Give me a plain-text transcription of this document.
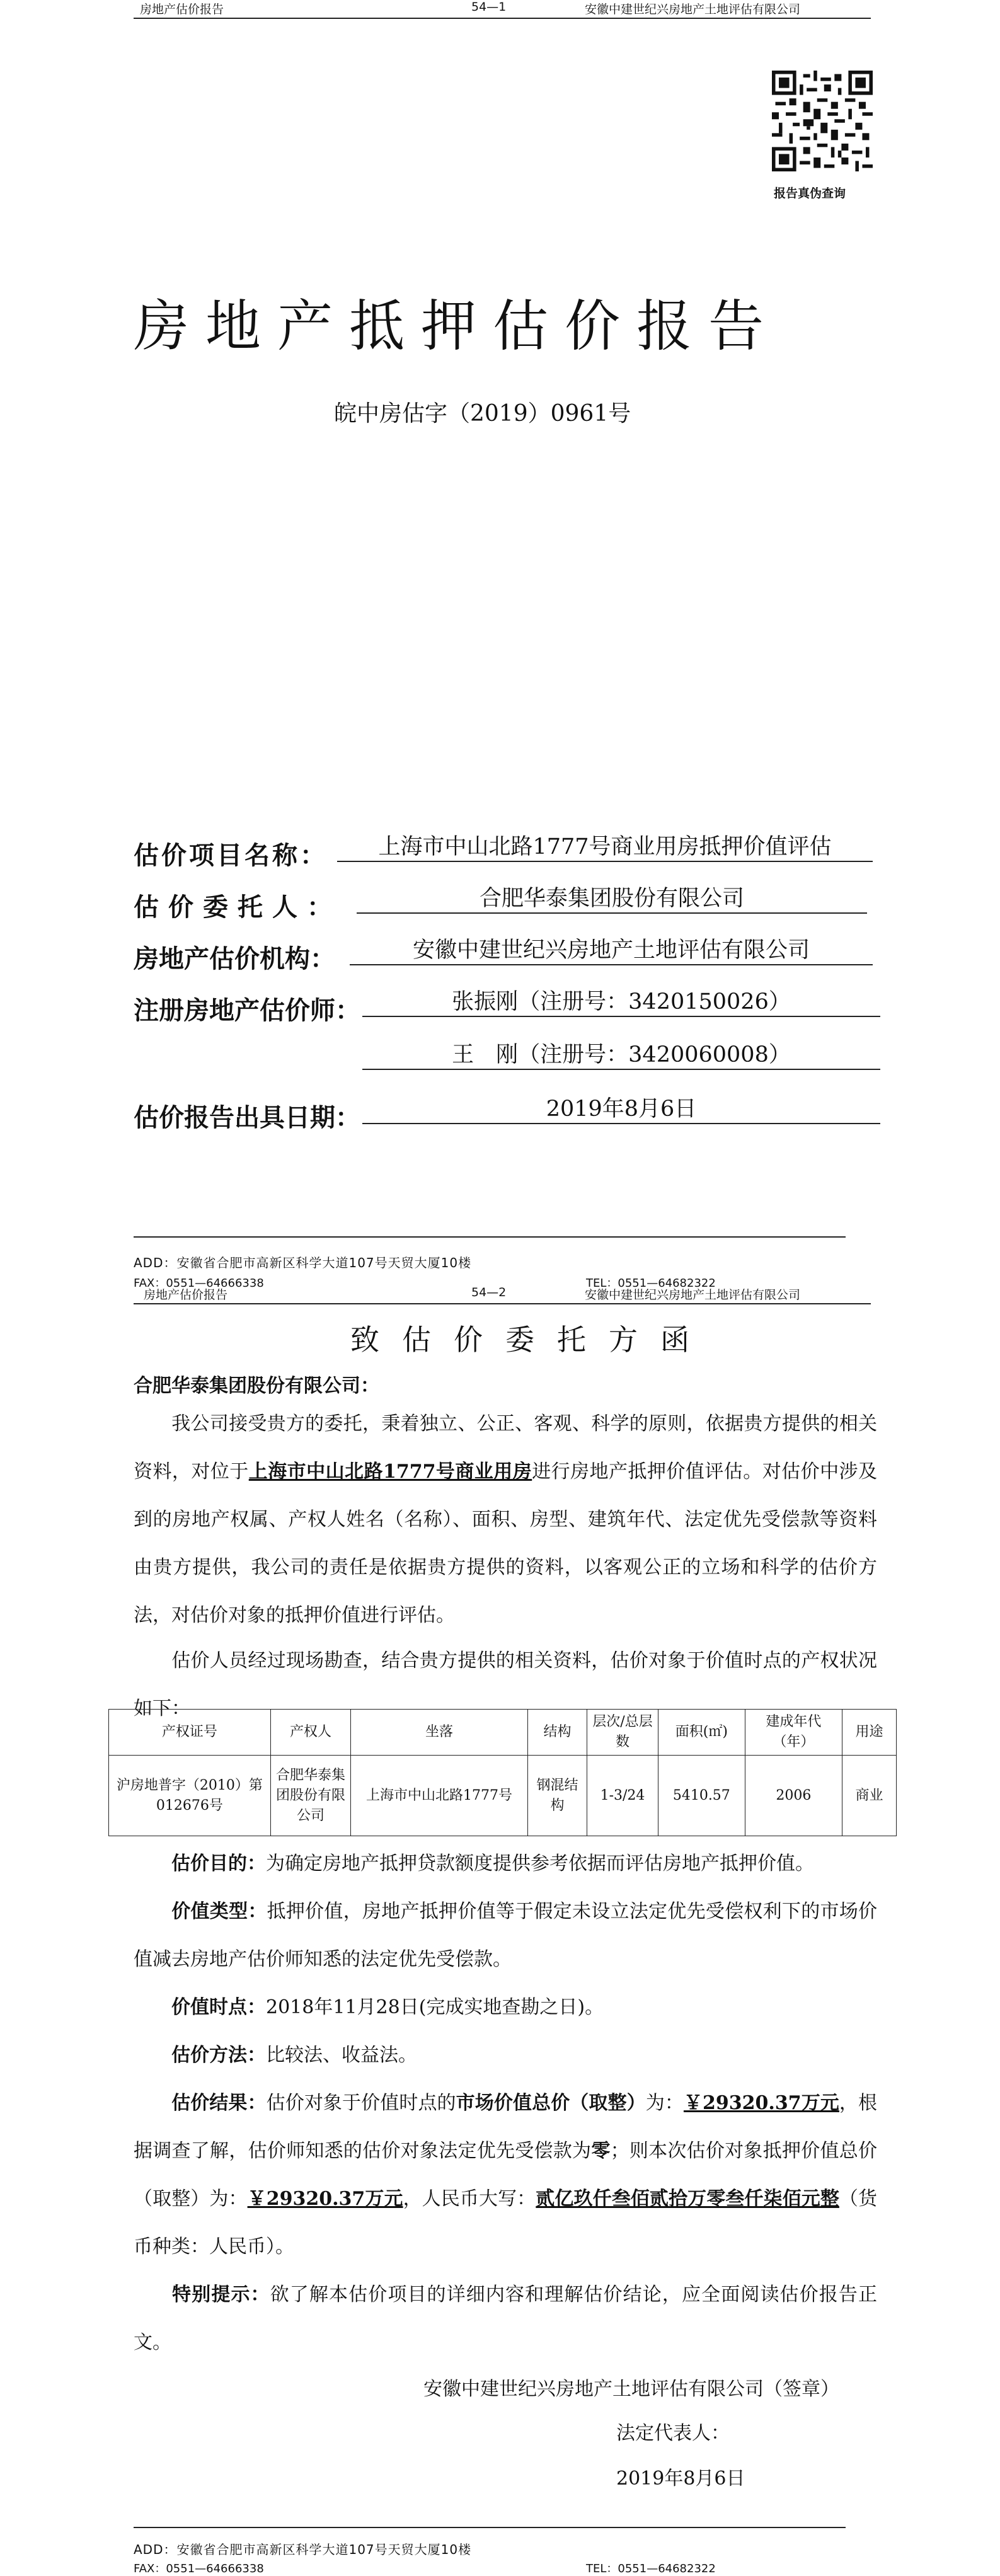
房地产估价报告	54—1	安徽中建世纪兴房地产土地评估有限公司
报告真伪查询
房地产抵押估价报告
皖中房估字（2019）0961号
估价项目名称：	上海市中山北路1777号商业用房抵押价值评估
估价委托人：	合肥华泰集团股份有限公司
房地产估价机构：	安徽中建世纪兴房地产土地评估有限公司
注册房地产估价师：	张振刚（注册号：3420150026）
王　刚（注册号：3420060008）
估价报告出具日期：	2019年8月6日
ADD：安徽省合肥市高新区科学大道107号天贸大厦10楼
FAX：0551—64666338	TEL：0551—64682322
房地产估价报告	54—2	安徽中建世纪兴房地产土地评估有限公司
致估价委托方函
合肥华泰集团股份有限公司：
我公司接受贵方的委托，秉着独立、公正、客观、科学的原则，依据贵方提供的相关资料，对位于上海市中山北路1777号商业用房进行房地产抵押价值评估。对估价中涉及到的房地产权属、产权人姓名（名称）、面积、房型、建筑年代、法定优先受偿款等资料由贵方提供，我公司的责任是依据贵方提供的资料，以客观公正的立场和科学的估价方法，对估价对象的抵押价值进行评估。
估价人员经过现场勘查，结合贵方提供的相关资料，估价对象于价值时点的产权状况如下：
产权证号	产权人	坐落	结构	层次/总层数	面积(㎡)	建成年代（年）	用途
沪房地普字（2010）第012676号	合肥华泰集团股份有限公司	上海市中山北路1777号	钢混结构	1-3/24	5410.57	2006	商业
估价目的：为确定房地产抵押贷款额度提供参考依据而评估房地产抵押价值。
价值类型：抵押价值，房地产抵押价值等于假定未设立法定优先受偿权利下的市场价值减去房地产估价师知悉的法定优先受偿款。
价值时点：2018年11月28日(完成实地查勘之日)。
估价方法：比较法、收益法。
估价结果：估价对象于价值时点的市场价值总价（取整）为：￥29320.37万元，根据调查了解，估价师知悉的估价对象法定优先受偿款为零；则本次估价对象抵押价值总价（取整）为：￥29320.37万元，人民币大写：贰亿玖仟叁佰贰拾万零叁仟柒佰元整（货币种类：人民币）。
特别提示：欲了解本估价项目的详细内容和理解估价结论，应全面阅读估价报告正文。
安徽中建世纪兴房地产土地评估有限公司（签章）
法定代表人：
2019年8月6日
ADD：安徽省合肥市高新区科学大道107号天贸大厦10楼
FAX：0551—64666338	TEL：0551—64682322
